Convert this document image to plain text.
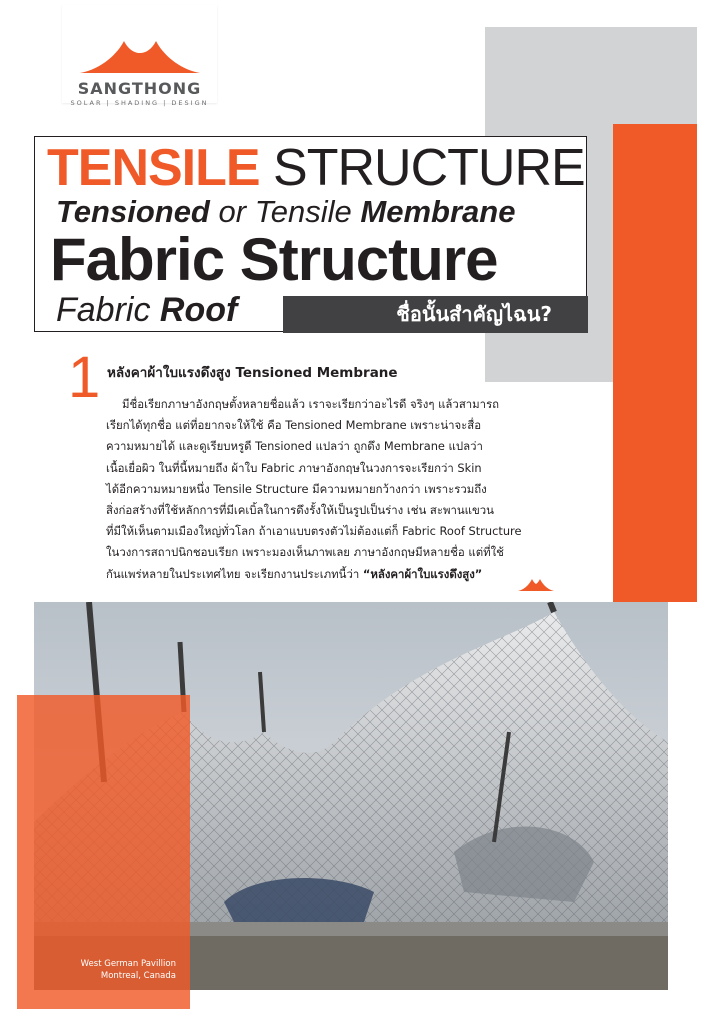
SANGTHONG
SOLAR | SHADING | DESIGN
TENSILE STRUCTURE
Tensioned or Tensile Membrane
Fabric Structure
Fabric Roof	ชื่อนั้นสำคัญไฉน?
1 หลังคาผ้าใบแรงดึงสูง Tensioned Membrane
มีชื่อเรียกภาษาอังกฤษตั้งหลายชื่อแล้ว เราจะเรียกว่าอะไรดี จริงๆ แล้วสามารถ
เรียกได้ทุกชื่อ แต่ที่อยากจะให้ใช้ คือ Tensioned Membrane เพราะน่าจะสื่อ
ความหมายได้ และดูเรียบหรูดี Tensioned แปลว่า ถูกดึง Membrane แปลว่า
เนื้อเยื่อผิว ในที่นี้หมายถึง ผ้าใบ Fabric ภาษาอังกฤษในวงการจะเรียกว่า Skin
ได้อีกความหมายหนึ่ง Tensile Structure มีความหมายกว้างกว่า เพราะรวมถึง
สิ่งก่อสร้างที่ใช้หลักการที่มีเคเบิ้ลในการดึงรั้งให้เป็นรูปเป็นร่าง เช่น สะพานแขวน
ที่มีให้เห็นตามเมืองใหญ่ทั่วโลก ถ้าเอาแบบตรงตัวไม่ต้องแต่ก็ Fabric Roof Structure
ในวงการสถาปนิกชอบเรียก เพราะมองเห็นภาพเลย ภาษาอังกฤษมีหลายชื่อ แต่ที่ใช้
กันแพร่หลายในประเทศไทย จะเรียกงานประเภทนี้ว่า “หลังคาผ้าใบแรงดึงสูง”
West German Pavillion
Montreal, Canada
